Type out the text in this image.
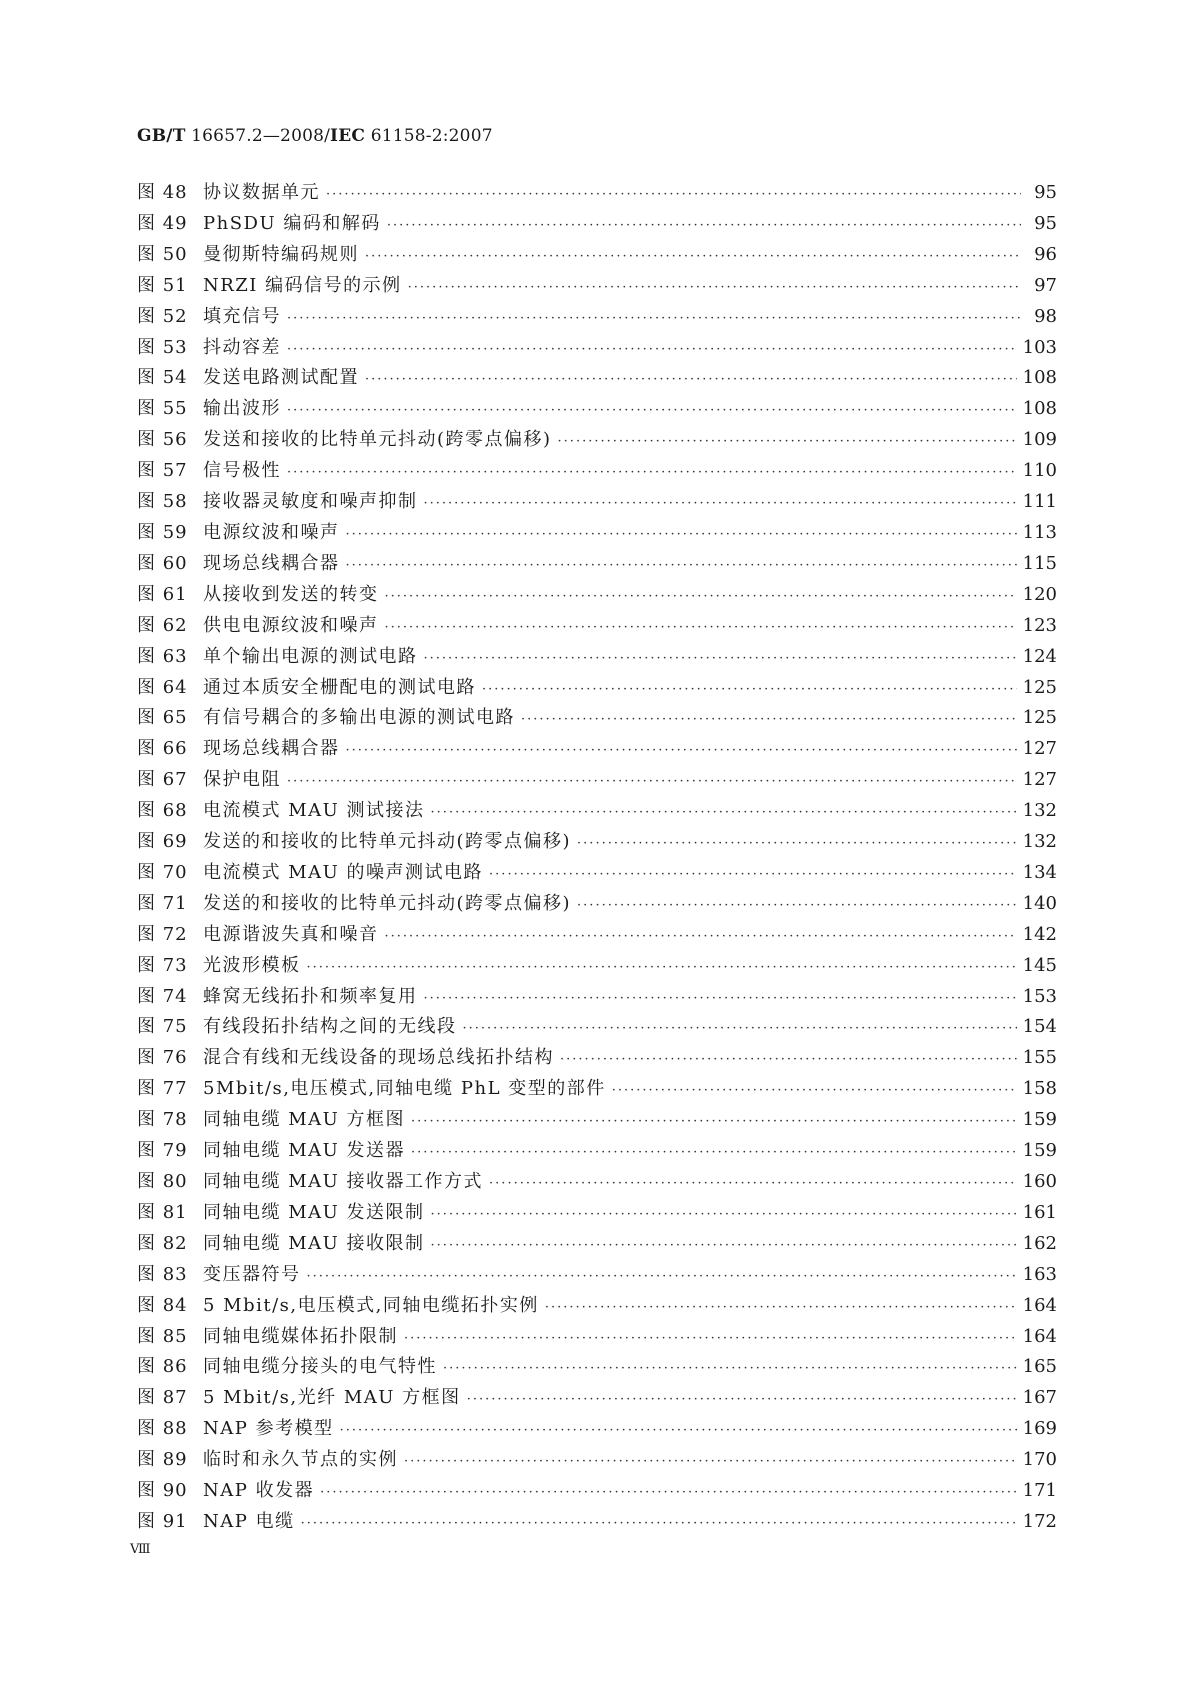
GB/T 16657.2—2008/IEC 61158-2:2007
图 48 协议数据单元 ·····	95
图 49 PhSDU 编码和解码 ·····	95
图 50 曼彻斯特编码规则 ·····	96
图 51 NRZI 编码信号的示例 ·····	97
图 52 填充信号 ·····	98
图 53 抖动容差 ·····	103
图 54 发送电路测试配置 ·····	108
图 55 输出波形 ·····	108
图 56 发送和接收的比特单元抖动(跨零点偏移) ·····	109
图 57 信号极性 ·····	110
图 58 接收器灵敏度和噪声抑制 ·····	111
图 59 电源纹波和噪声 ·····	113
图 60 现场总线耦合器 ·····	115
图 61 从接收到发送的转变 ·····	120
图 62 供电电源纹波和噪声 ·····	123
图 63 单个输出电源的测试电路 ·····	124
图 64 通过本质安全栅配电的测试电路 ·····	125
图 65 有信号耦合的多输出电源的测试电路 ·····	125
图 66 现场总线耦合器 ·····	127
图 67 保护电阻 ·····	127
图 68 电流模式 MAU 测试接法 ·····	132
图 69 发送的和接收的比特单元抖动(跨零点偏移) ·····	132
图 70 电流模式 MAU 的噪声测试电路 ·····	134
图 71 发送的和接收的比特单元抖动(跨零点偏移) ·····	140
图 72 电源谐波失真和噪音 ·····	142
图 73 光波形模板 ·····	145
图 74 蜂窝无线拓扑和频率复用 ·····	153
图 75 有线段拓扑结构之间的无线段 ·····	154
图 76 混合有线和无线设备的现场总线拓扑结构 ·····	155
图 77 5Mbit/s,电压模式,同轴电缆 PhL 变型的部件 ·····	158
图 78 同轴电缆 MAU 方框图 ·····	159
图 79 同轴电缆 MAU 发送器 ·····	159
图 80 同轴电缆 MAU 接收器工作方式 ·····	160
图 81 同轴电缆 MAU 发送限制 ·····	161
图 82 同轴电缆 MAU 接收限制 ·····	162
图 83 变压器符号 ·····	163
图 84 5 Mbit/s,电压模式,同轴电缆拓扑实例 ·····	164
图 85 同轴电缆媒体拓扑限制 ·····	164
图 86 同轴电缆分接头的电气特性 ·····	165
图 87 5 Mbit/s,光纤 MAU 方框图 ·····	167
图 88 NAP 参考模型 ·····	169
图 89 临时和永久节点的实例 ·····	170
图 90 NAP 收发器 ·····	171
图 91 NAP 电缆 ·····	172
Ⅷ
